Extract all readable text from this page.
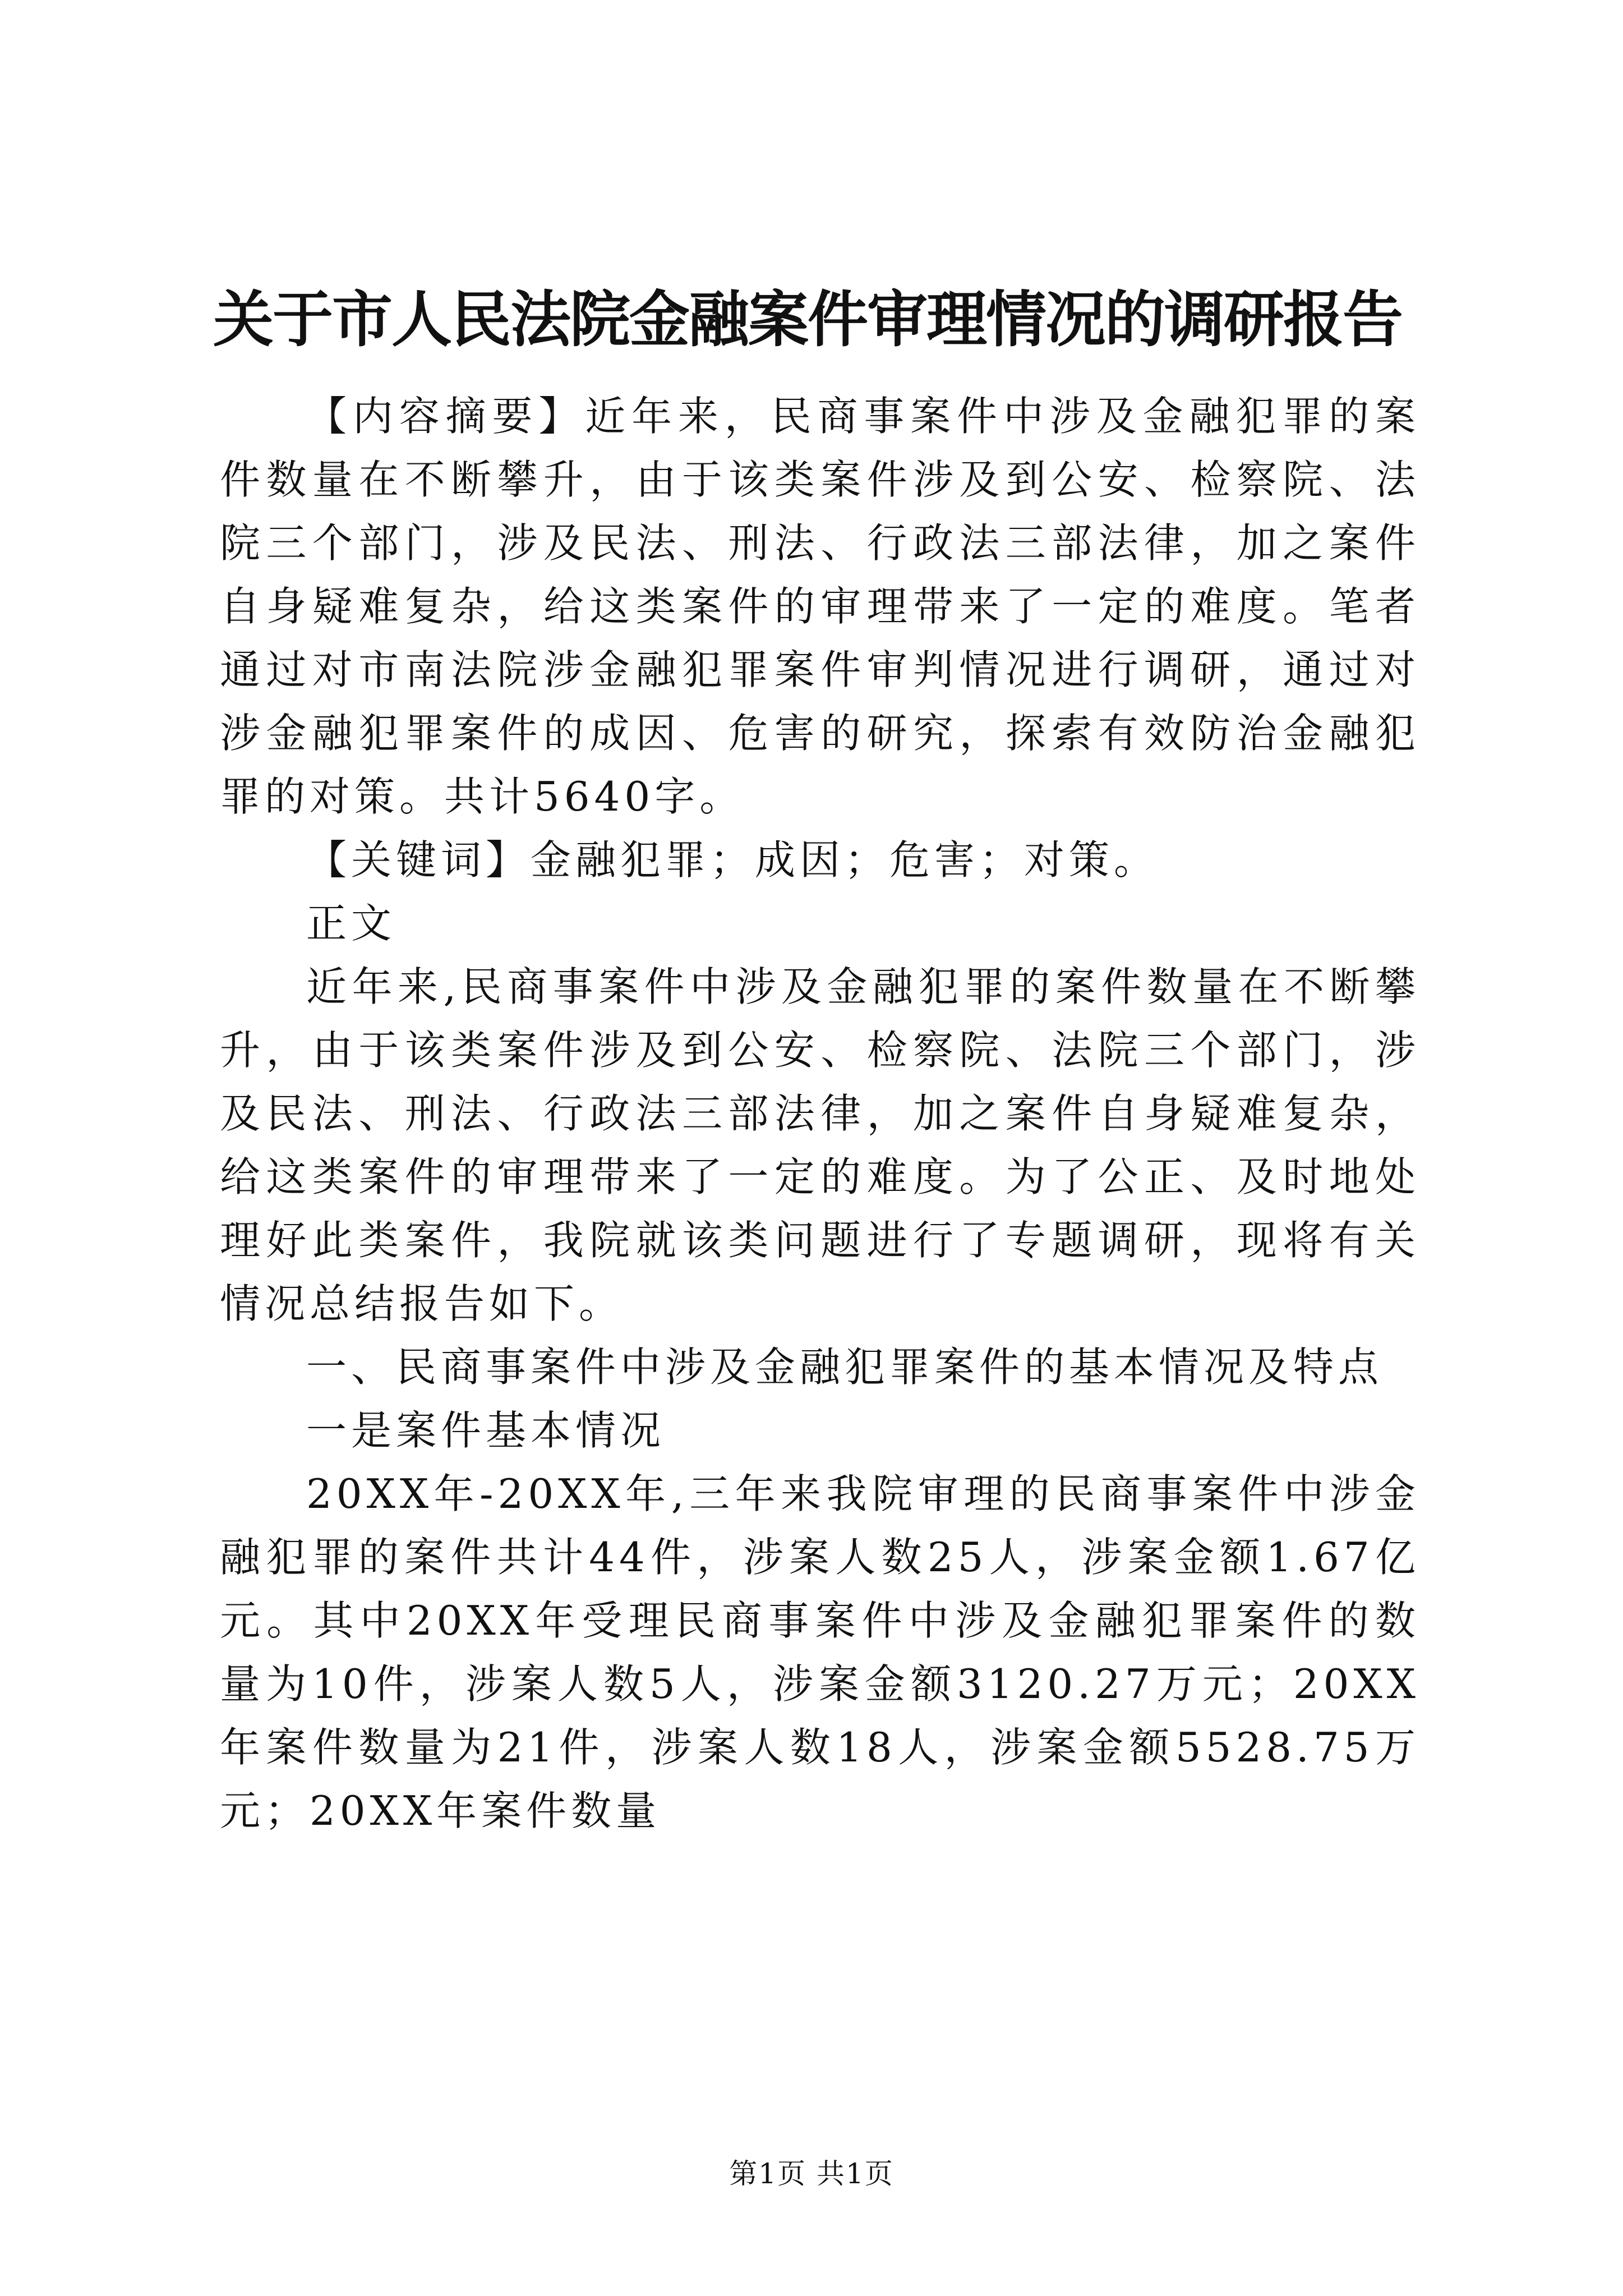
关于市人民法院金融案件审理情况的调研报告

【内容摘要】近年来，民商事案件中涉及金融犯罪的案件数量在不断攀升，由于该类案件涉及到公安、检察院、法院三个部门，涉及民法、刑法、行政法三部法律，加之案件自身疑难复杂，给这类案件的审理带来了一定的难度。笔者通过对市南法院涉金融犯罪案件审判情况进行调研，通过对涉金融犯罪案件的成因、危害的研究，探索有效防治金融犯罪的对策。共计5640字。

【关键词】金融犯罪；成因；危害；对策。

正文

近年来,民商事案件中涉及金融犯罪的案件数量在不断攀升，由于该类案件涉及到公安、检察院、法院三个部门，涉及民法、刑法、行政法三部法律，加之案件自身疑难复杂，给这类案件的审理带来了一定的难度。为了公正、及时地处理好此类案件，我院就该类问题进行了专题调研，现将有关情况总结报告如下。

一、民商事案件中涉及金融犯罪案件的基本情况及特点

一是案件基本情况

20XX年-20XX年,三年来我院审理的民商事案件中涉金融犯罪的案件共计44件，涉案人数25人，涉案金额1.67亿元。其中20XX年受理民商事案件中涉及金融犯罪案件的数量为10件，涉案人数5人，涉案金额3120.27万元；20XX年案件数量为21件，涉案人数18人，涉案金额5528.75万元；20XX年案件数量

第1页 共1页
